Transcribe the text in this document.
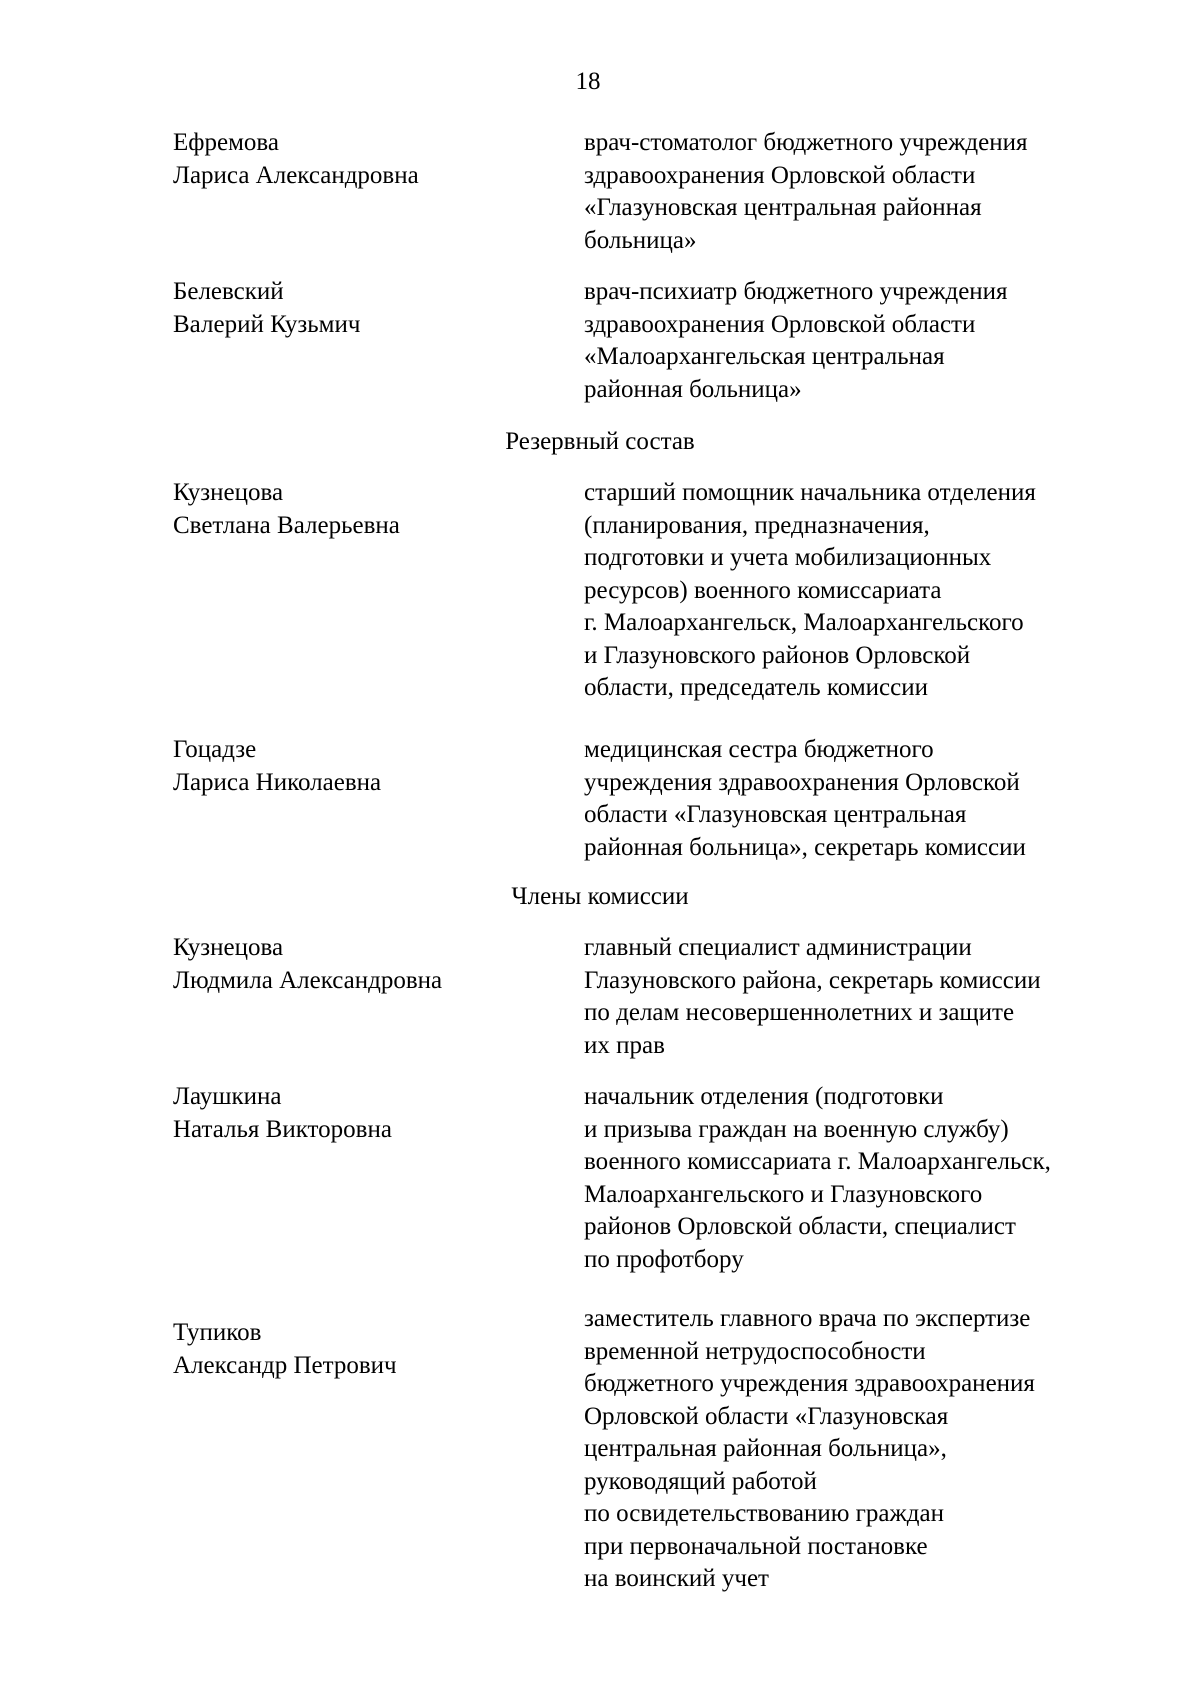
18
Ефремова
Лариса Александровна
врач-стоматолог бюджетного учреждения
здравоохранения Орловской области
«Глазуновская центральная районная
больница»
Белевский
Валерий Кузьмич
врач-психиатр бюджетного учреждения
здравоохранения Орловской области
«Малоархангельская центральная
районная больница»
Резервный состав
Кузнецова
Светлана Валерьевна
старший помощник начальника отделения
(планирования, предназначения,
подготовки и учета мобилизационных
ресурсов) военного комиссариата
г. Малоархангельск, Малоархангельского
и Глазуновского районов Орловской
области, председатель комиссии
Гоцадзе
Лариса Николаевна
медицинская сестра бюджетного
учреждения здравоохранения Орловской
области «Глазуновская центральная
районная больница», секретарь комиссии
Члены комиссии
Кузнецова
Людмила Александровна
главный специалист администрации
Глазуновского района, секретарь комиссии
по делам несовершеннолетних и защите
их прав
Лаушкина
Наталья Викторовна
начальник отделения (подготовки
и призыва граждан на военную службу)
военного комиссариата г. Малоархангельск,
Малоархангельского и Глазуновского
районов Орловской области, специалист
по профотбору
Тупиков
Александр Петрович
заместитель главного врача по экспертизе
временной нетрудоспособности
бюджетного учреждения здравоохранения
Орловской области «Глазуновская
центральная районная больница»,
руководящий работой
по освидетельствованию граждан
при первоначальной постановке
на воинский учет
